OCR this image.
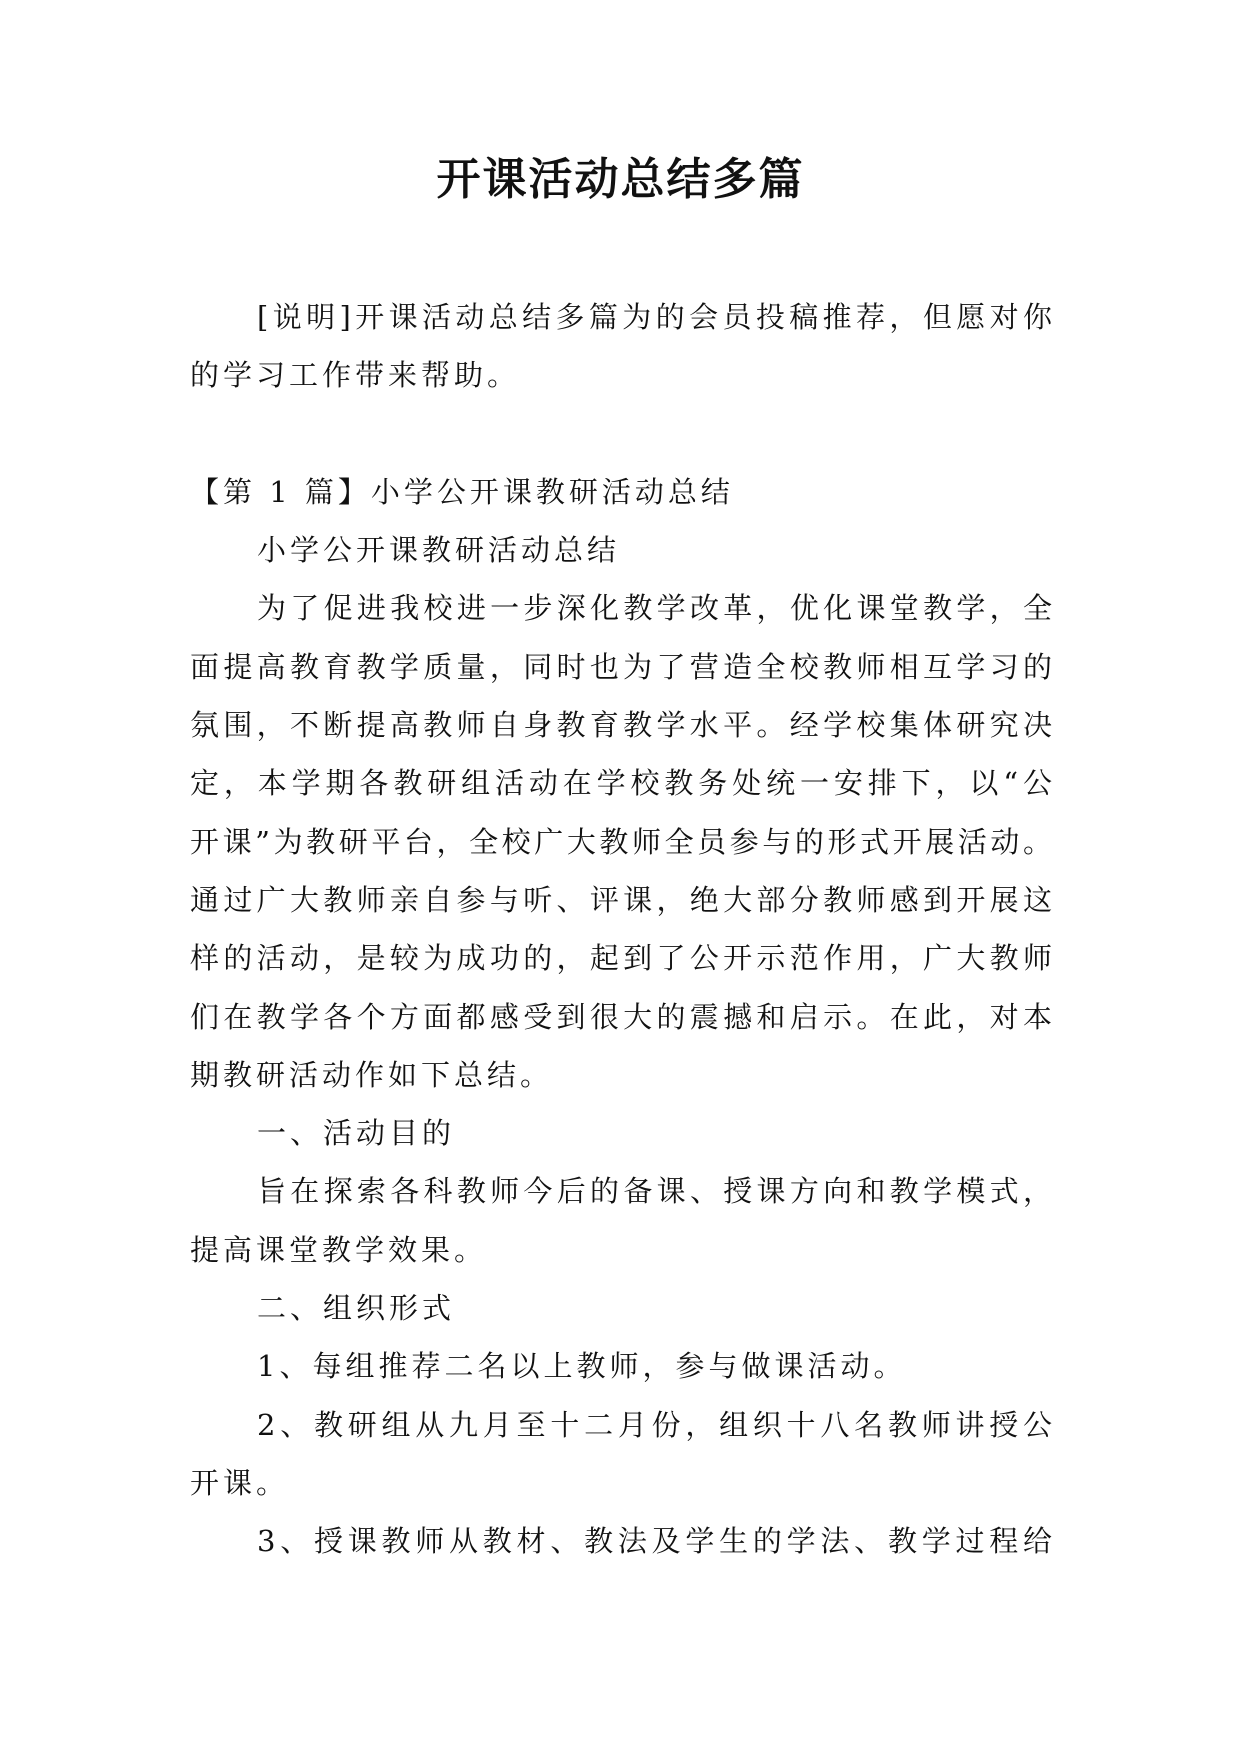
开课活动总结多篇
[说明]开课活动总结多篇为的会员投稿推荐，但愿对你
的学习工作带来帮助。
【第 1 篇】小学公开课教研活动总结
小学公开课教研活动总结
为了促进我校进一步深化教学改革，优化课堂教学，全
面提高教育教学质量，同时也为了营造全校教师相互学习的
氛围，不断提高教师自身教育教学水平。经学校集体研究决
定，本学期各教研组活动在学校教务处统一安排下，以“公
开课”为教研平台，全校广大教师全员参与的形式开展活动。
通过广大教师亲自参与听、评课，绝大部分教师感到开展这
样的活动，是较为成功的，起到了公开示范作用，广大教师
们在教学各个方面都感受到很大的震撼和启示。在此，对本
期教研活动作如下总结。
一、活动目的
旨在探索各科教师今后的备课、授课方向和教学模式，
提高课堂教学效果。
二、组织形式
1、每组推荐二名以上教师，参与做课活动。
2、教研组从九月至十二月份，组织十八名教师讲授公
开课。
3、授课教师从教材、教法及学生的学法、教学过程给
